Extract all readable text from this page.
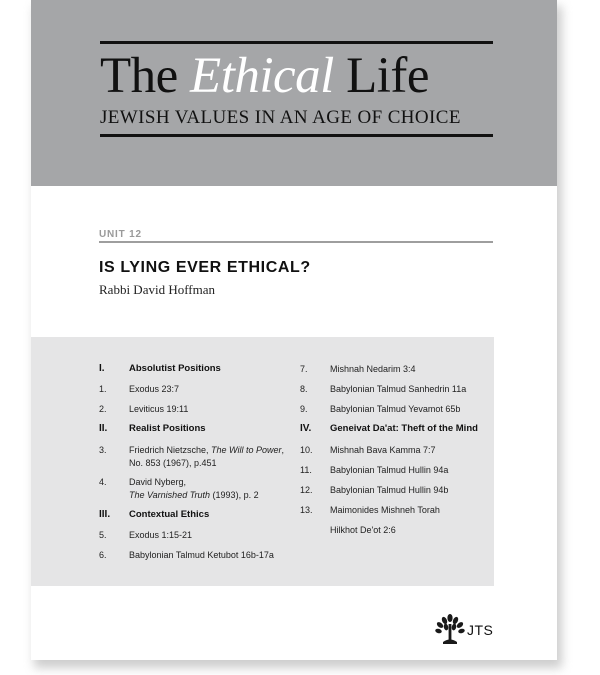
The Ethical Life
JEWISH VALUES IN AN AGE OF CHOICE
UNIT 12
IS LYING EVER ETHICAL?
Rabbi David Hoffman
I.	Absolutist Positions
1. Exodus 23:7
2. Leviticus 19:11
II. Realist Positions
3. Friedrich Nietzsche, The Will to Power,
No. 853 (1967), p.451
4. David Nyberg,
The Varnished Truth (1993), p. 2
III. Contextual Ethics
5. Exodus 1:15-21
6. Babylonian Talmud Ketubot 16b-17a
7. Mishnah Nedarim 3:4
8. Babylonian Talmud Sanhedrin 11a
9. Babylonian Talmud Yevamot 65b
IV. Geneivat Da'at: Theft of the Mind
10. Mishnah Bava Kamma 7:7
11. Babylonian Talmud Hullin 94a
12. Babylonian Talmud Hullin 94b
13. Maimonides Mishneh Torah
Hilkhot De'ot 2:6
JTS
